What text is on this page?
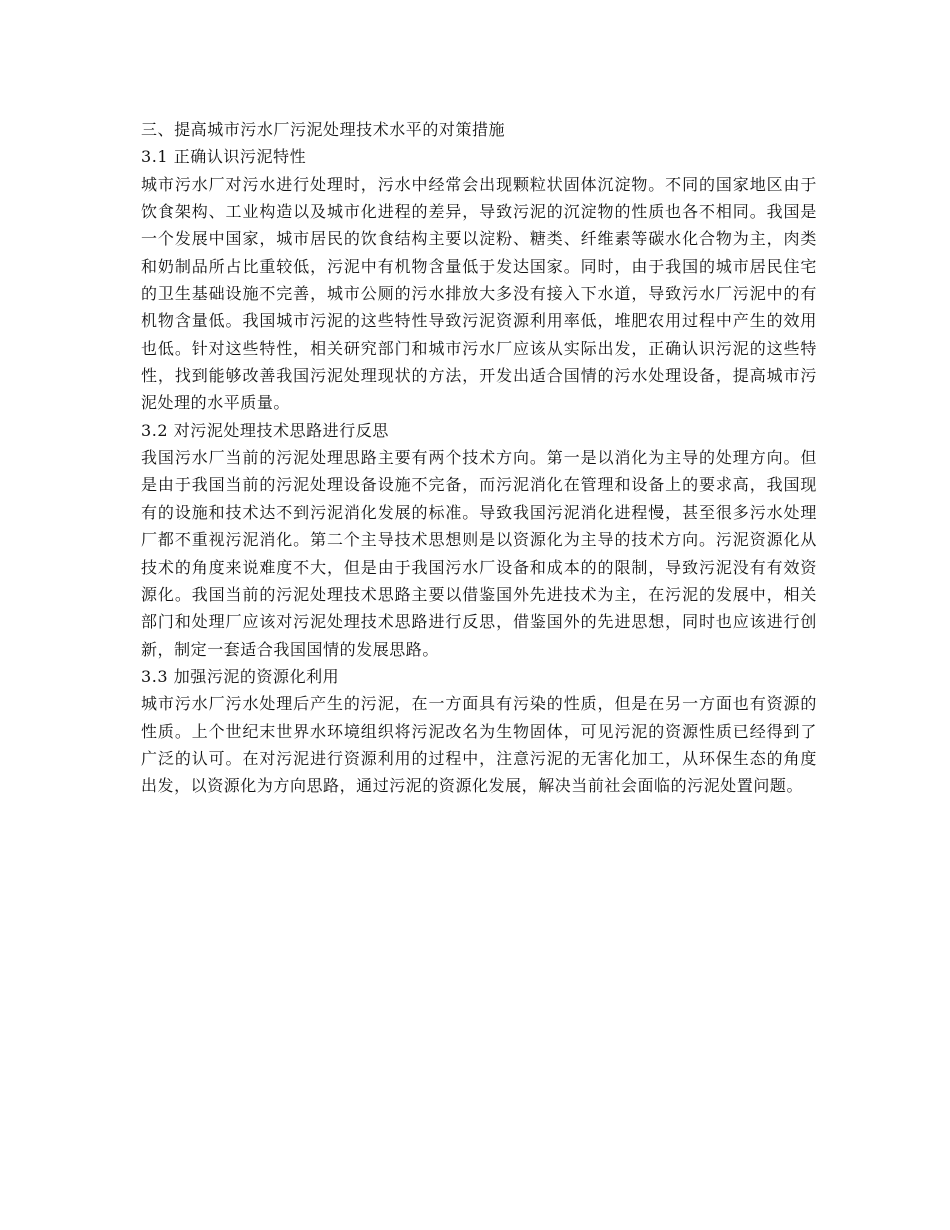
三、提高城市污水厂污泥处理技术水平的对策措施

3.1 正确认识污泥特性

城市污水厂对污水进行处理时，污水中经常会出现颗粒状固体沉淀物。不同的国家地区由于饮食架构、工业构造以及城市化进程的差异，导致污泥的沉淀物的性质也各不相同。我国是一个发展中国家，城市居民的饮食结构主要以淀粉、糖类、纤维素等碳水化合物为主，肉类和奶制品所占比重较低，污泥中有机物含量低于发达国家。同时，由于我国的城市居民住宅的卫生基础设施不完善，城市公厕的污水排放大多没有接入下水道，导致污水厂污泥中的有机物含量低。我国城市污泥的这些特性导致污泥资源利用率低，堆肥农用过程中产生的效用也低。针对这些特性，相关研究部门和城市污水厂应该从实际出发，正确认识污泥的这些特性，找到能够改善我国污泥处理现状的方法，开发出适合国情的污水处理设备，提高城市污泥处理的水平质量。

3.2 对污泥处理技术思路进行反思

我国污水厂当前的污泥处理思路主要有两个技术方向。第一是以消化为主导的处理方向。但是由于我国当前的污泥处理设备设施不完备，而污泥消化在管理和设备上的要求高，我国现有的设施和技术达不到污泥消化发展的标准。导致我国污泥消化进程慢，甚至很多污水处理厂都不重视污泥消化。第二个主导技术思想则是以资源化为主导的技术方向。污泥资源化从技术的角度来说难度不大，但是由于我国污水厂设备和成本的的限制，导致污泥没有有效资源化。我国当前的污泥处理技术思路主要以借鉴国外先进技术为主，在污泥的发展中，相关部门和处理厂应该对污泥处理技术思路进行反思，借鉴国外的先进思想，同时也应该进行创新，制定一套适合我国国情的发展思路。

3.3 加强污泥的资源化利用

城市污水厂污水处理后产生的污泥，在一方面具有污染的性质，但是在另一方面也有资源的性质。上个世纪末世界水环境组织将污泥改名为生物固体，可见污泥的资源性质已经得到了广泛的认可。在对污泥进行资源利用的过程中，注意污泥的无害化加工，从环保生态的角度出发，以资源化为方向思路，通过污泥的资源化发展，解决当前社会面临的污泥处置问题。
